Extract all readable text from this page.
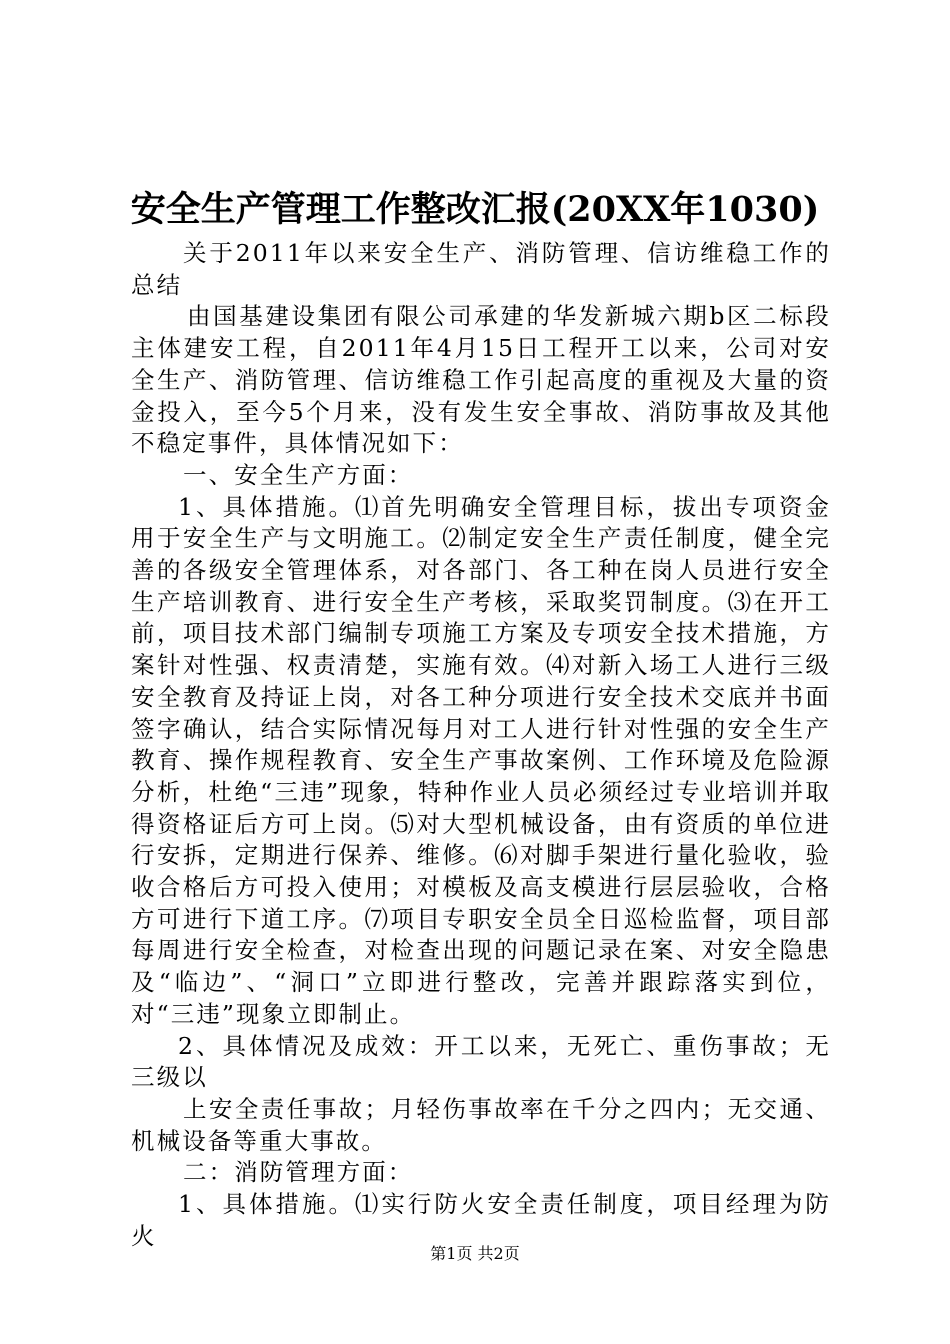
安全生产管理工作整改汇报(20XX年1030)

关于2011年以来安全生产、消防管理、信访维稳工作的总结

由国基建设集团有限公司承建的华发新城六期b区二标段主体建安工程，自2011年4月15日工程开工以来，公司对安全生产、消防管理、信访维稳工作引起高度的重视及大量的资金投入，至今5个月来，没有发生安全事故、消防事故及其他不稳定事件，具体情况如下：

一、安全生产方面：

1、具体措施。⑴首先明确安全管理目标，拔出专项资金用于安全生产与文明施工。⑵制定安全生产责任制度，健全完善的各级安全管理体系，对各部门、各工种在岗人员进行安全生产培训教育、进行安全生产考核，采取奖罚制度。⑶在开工前，项目技术部门编制专项施工方案及专项安全技术措施，方案针对性强、权责清楚，实施有效。⑷对新入场工人进行三级安全教育及持证上岗，对各工种分项进行安全技术交底并书面签字确认，结合实际情况每月对工人进行针对性强的安全生产教育、操作规程教育、安全生产事故案例、工作环境及危险源分析，杜绝“三违”现象，特种作业人员必须经过专业培训并取得资格证后方可上岗。⑸对大型机械设备，由有资质的单位进行安拆，定期进行保养、维修。⑹对脚手架进行量化验收，验收合格后方可投入使用；对模板及高支模进行层层验收，合格方可进行下道工序。⑺项目专职安全员全日巡检监督，项目部每周进行安全检查，对检查出现的问题记录在案、对安全隐患及“临边”、“洞口”立即进行整改，完善并跟踪落实到位，对“三违”现象立即制止。

2、具体情况及成效：开工以来，无死亡、重伤事故；无三级以

上安全责任事故；月轻伤事故率在千分之四内；无交通、机械设备等重大事故。

二：消防管理方面：

1、具体措施。⑴实行防火安全责任制度，项目经理为防火

第1页 共2页
